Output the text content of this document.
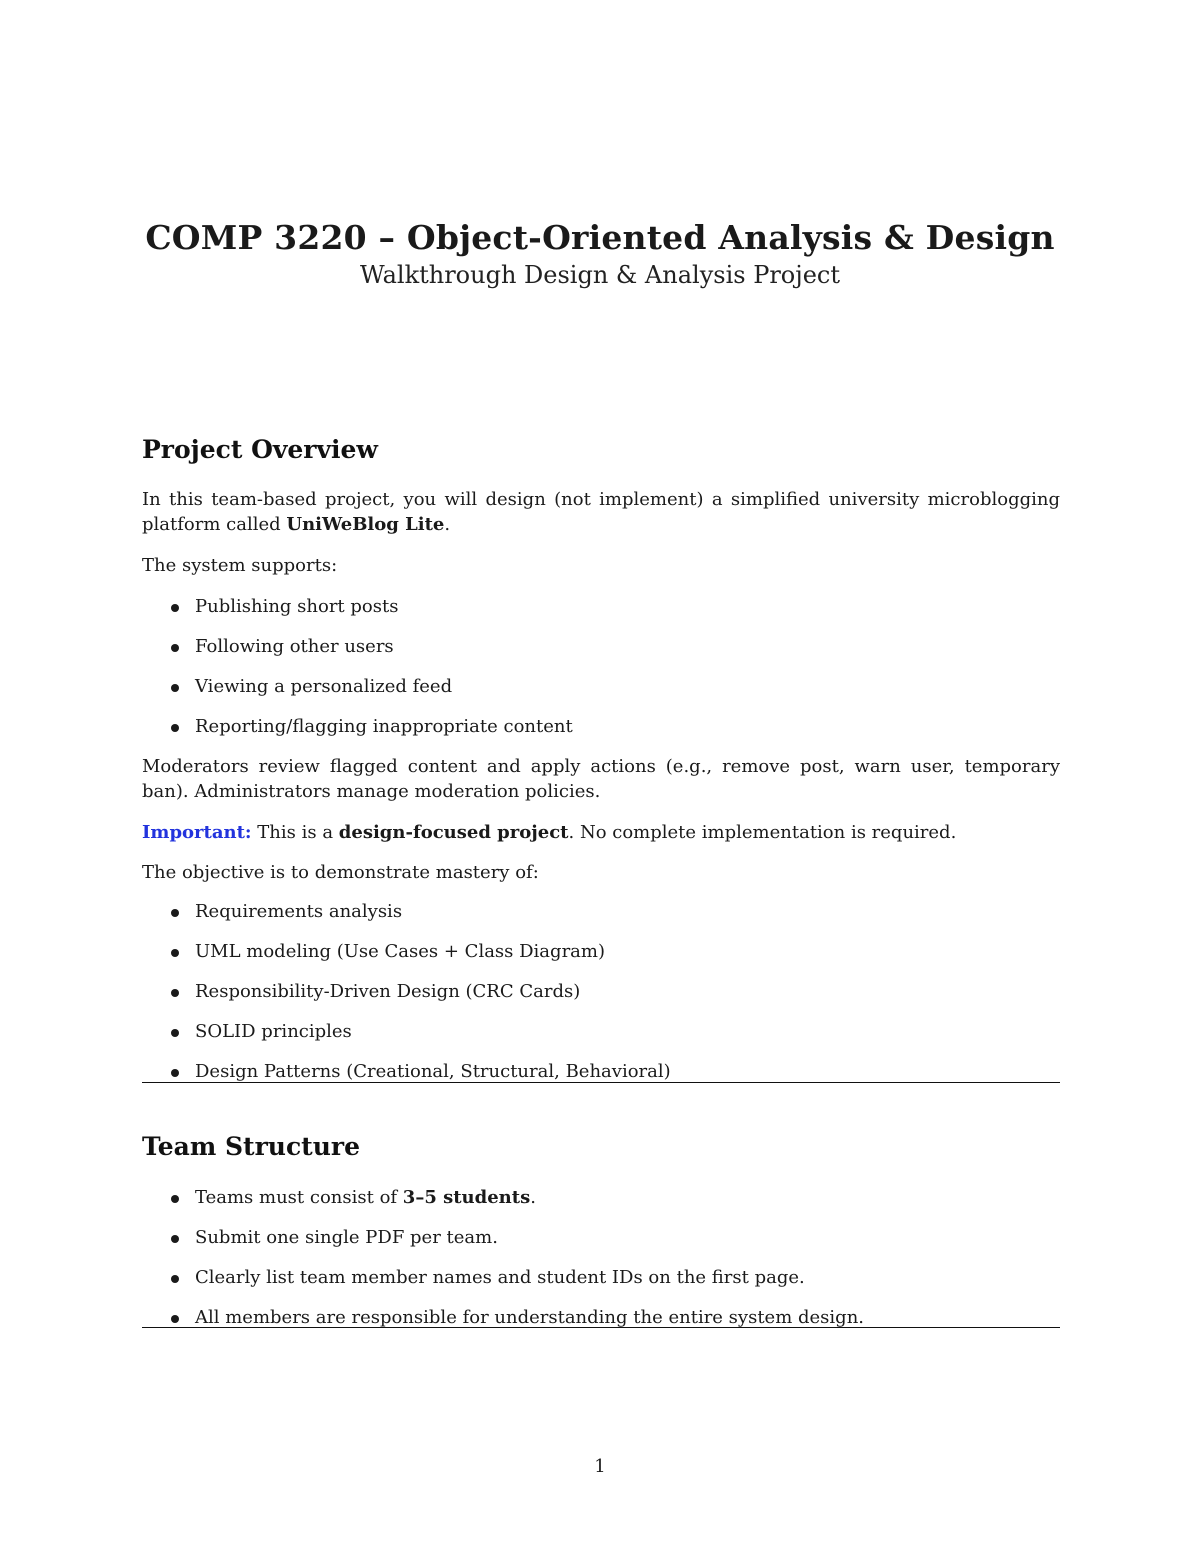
COMP 3220 – Object-Oriented Analysis & Design
Walkthrough Design & Analysis Project
Project Overview
In this team-based project, you will design (not implement) a simplified university microblogging platform called UniWeBlog Lite.
The system supports:
Publishing short posts
Following other users
Viewing a personalized feed
Reporting/flagging inappropriate content
Moderators review flagged content and apply actions (e.g., remove post, warn user, temporary ban). Administrators manage moderation policies.
Important: This is a design-focused project. No complete implementation is required.
The objective is to demonstrate mastery of:
Requirements analysis
UML modeling (Use Cases + Class Diagram)
Responsibility-Driven Design (CRC Cards)
SOLID principles
Design Patterns (Creational, Structural, Behavioral)
Team Structure
Teams must consist of 3–5 students.
Submit one single PDF per team.
Clearly list team member names and student IDs on the first page.
All members are responsible for understanding the entire system design.
1
